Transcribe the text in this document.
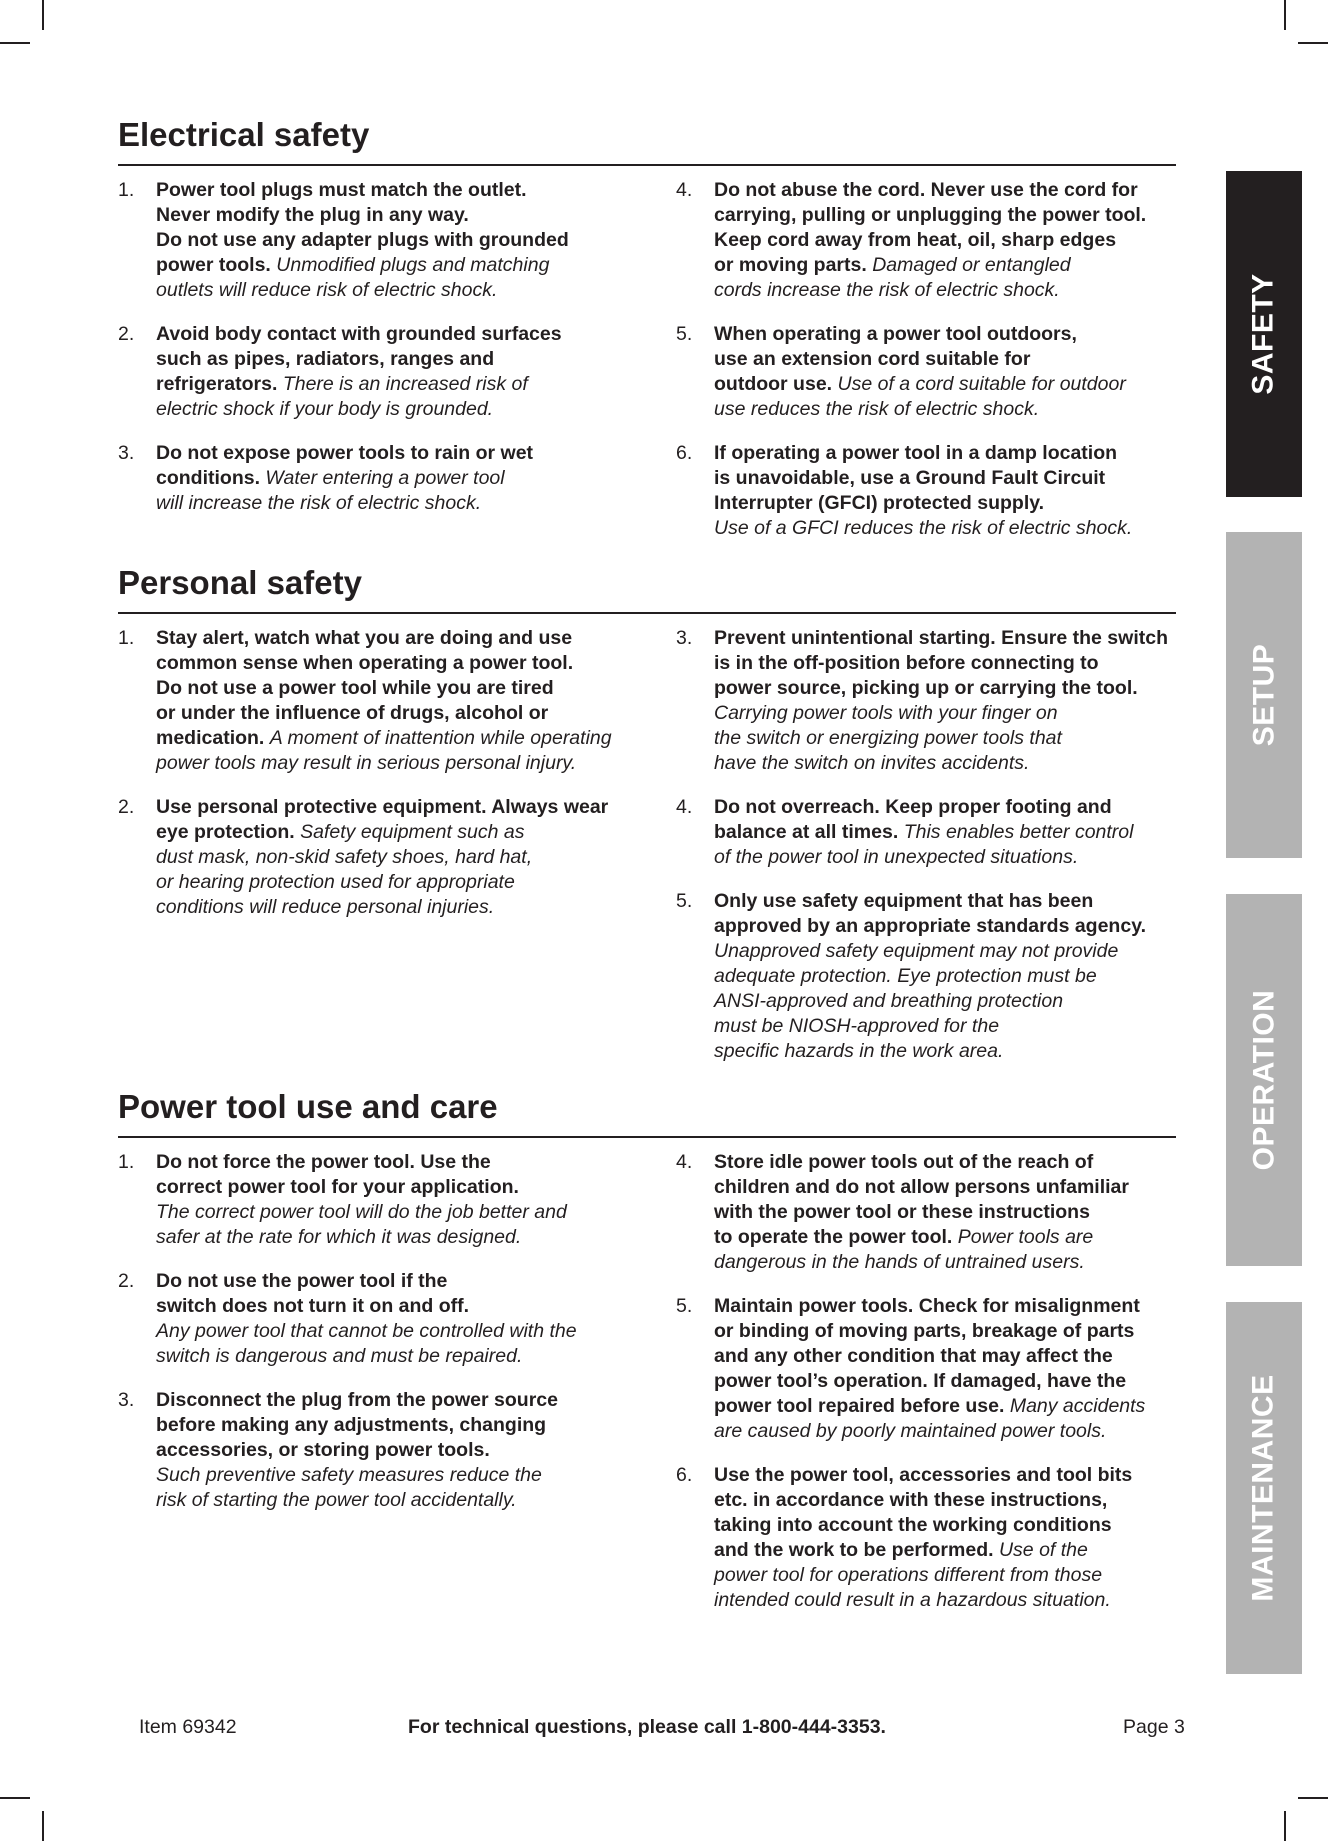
Electrical safety
1. Power tool plugs must match the outlet.
Never modify the plug in any way.
Do not use any adapter plugs with grounded
power tools. Unmodified plugs and matching
outlets will reduce risk of electric shock.
2. Avoid body contact with grounded surfaces
such as pipes, radiators, ranges and
refrigerators. There is an increased risk of
electric shock if your body is grounded.
3. Do not expose power tools to rain or wet
conditions. Water entering a power tool
will increase the risk of electric shock.
4. Do not abuse the cord. Never use the cord for
carrying, pulling or unplugging the power tool.
Keep cord away from heat, oil, sharp edges
or moving parts. Damaged or entangled
cords increase the risk of electric shock.
5. When operating a power tool outdoors,
use an extension cord suitable for
outdoor use. Use of a cord suitable for outdoor
use reduces the risk of electric shock.
6. If operating a power tool in a damp location
is unavoidable, use a Ground Fault Circuit
Interrupter (GFCI) protected supply.
Use of a GFCI reduces the risk of electric shock.
Personal safety
1. Stay alert, watch what you are doing and use
common sense when operating a power tool.
Do not use a power tool while you are tired
or under the influence of drugs, alcohol or
medication. A moment of inattention while operating
power tools may result in serious personal injury.
2. Use personal protective equipment. Always wear
eye protection. Safety equipment such as
dust mask, non-skid safety shoes, hard hat,
or hearing protection used for appropriate
conditions will reduce personal injuries.
3. Prevent unintentional starting. Ensure the switch
is in the off-position before connecting to
power source, picking up or carrying the tool.
Carrying power tools with your finger on
the switch or energizing power tools that
have the switch on invites accidents.
4. Do not overreach. Keep proper footing and
balance at all times. This enables better control
of the power tool in unexpected situations.
5. Only use safety equipment that has been
approved by an appropriate standards agency.
Unapproved safety equipment may not provide
adequate protection. Eye protection must be
ANSI-approved and breathing protection
must be NIOSH-approved for the
specific hazards in the work area.
Power tool use and care
1. Do not force the power tool. Use the
correct power tool for your application.
The correct power tool will do the job better and
safer at the rate for which it was designed.
2. Do not use the power tool if the
switch does not turn it on and off.
Any power tool that cannot be controlled with the
switch is dangerous and must be repaired.
3. Disconnect the plug from the power source
before making any adjustments, changing
accessories, or storing power tools.
Such preventive safety measures reduce the
risk of starting the power tool accidentally.
4. Store idle power tools out of the reach of
children and do not allow persons unfamiliar
with the power tool or these instructions
to operate the power tool. Power tools are
dangerous in the hands of untrained users.
5. Maintain power tools. Check for misalignment
or binding of moving parts, breakage of parts
and any other condition that may affect the
power tool’s operation. If damaged, have the
power tool repaired before use. Many accidents
are caused by poorly maintained power tools.
6. Use the power tool, accessories and tool bits
etc. in accordance with these instructions,
taking into account the working conditions
and the work to be performed. Use of the
power tool for operations different from those
intended could result in a hazardous situation.
SAFETY
SETUP
OPERATION
MAINTENANCE
Item 69342	For technical questions, please call 1-800-444-3353.	Page 3
